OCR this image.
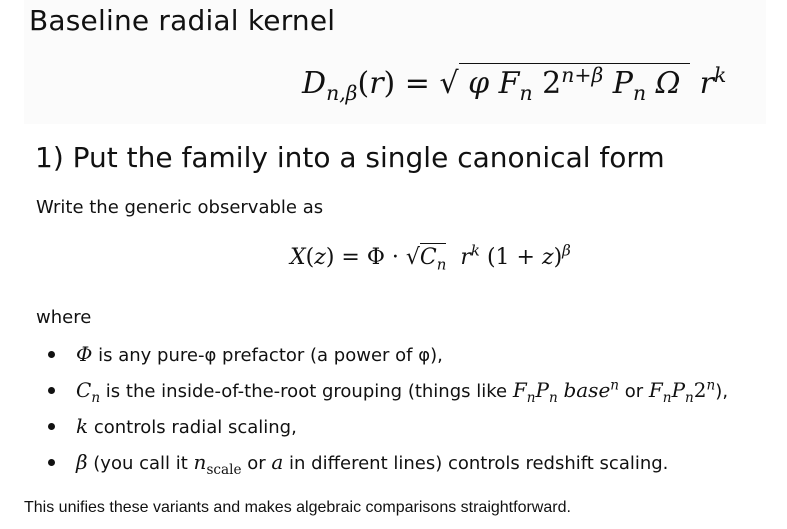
Baseline radial kernel
$D_{n,\beta}(r)$ = √ φ $F_n$ $2^{n+\beta}$ $P_n$ Ω  $r^k$
1) Put the family into a single canonical form
Write the generic observable as
$X(z) = \Phi \cdot √C_n$  $r^k$ $(1 + z)^\beta$
where
Φ is any pure-φ prefactor (a power of φ),
$C_n$ is the inside-of-the-root grouping (things like $F_nP_n$ base$^n$ or $F_nP_n2^n$),
k controls radial scaling,
β (you call it $n_{scale}$ or a in different lines) controls redshift scaling.
This unifies these variants and makes algebraic comparisons straightforward.
